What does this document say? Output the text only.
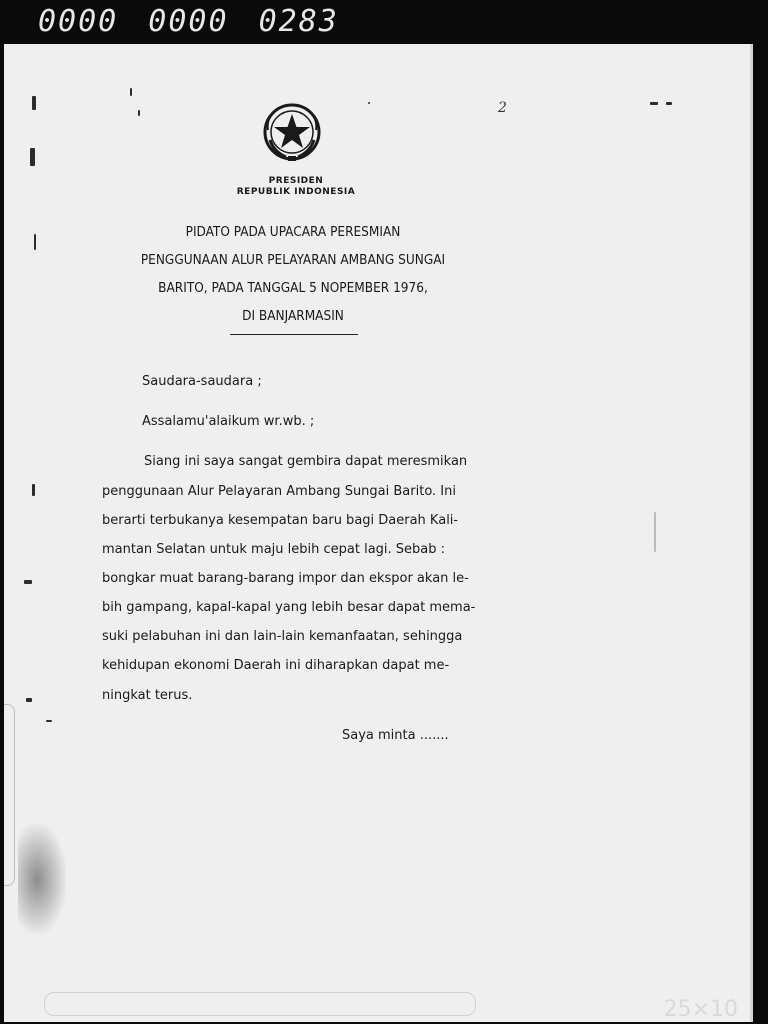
0000 0000 0283
2
PRESIDEN
REPUBLIK INDONESIA
PIDATO PADA UPACARA PERESMIAN
PENGGUNAAN ALUR PELAYARAN AMBANG SUNGAI
BARITO, PADA TANGGAL 5 NOPEMBER 1976,
DI BANJARMASIN
Saudara-saudara ;
Assalamu'alaikum wr.wb. ;
Siang ini saya sangat gembira dapat meresmikan
penggunaan Alur Pelayaran Ambang Sungai Barito. Ini
berarti terbukanya kesempatan baru bagi Daerah Kali-
mantan Selatan untuk maju lebih cepat lagi. Sebab :
bongkar muat barang-barang impor dan ekspor akan le-
bih gampang, kapal-kapal yang lebih besar dapat mema-
suki pelabuhan ini dan lain-lain kemanfaatan, sehingga
kehidupan ekonomi Daerah ini diharapkan dapat me-
ningkat terus.
Saya minta .......
25×10
